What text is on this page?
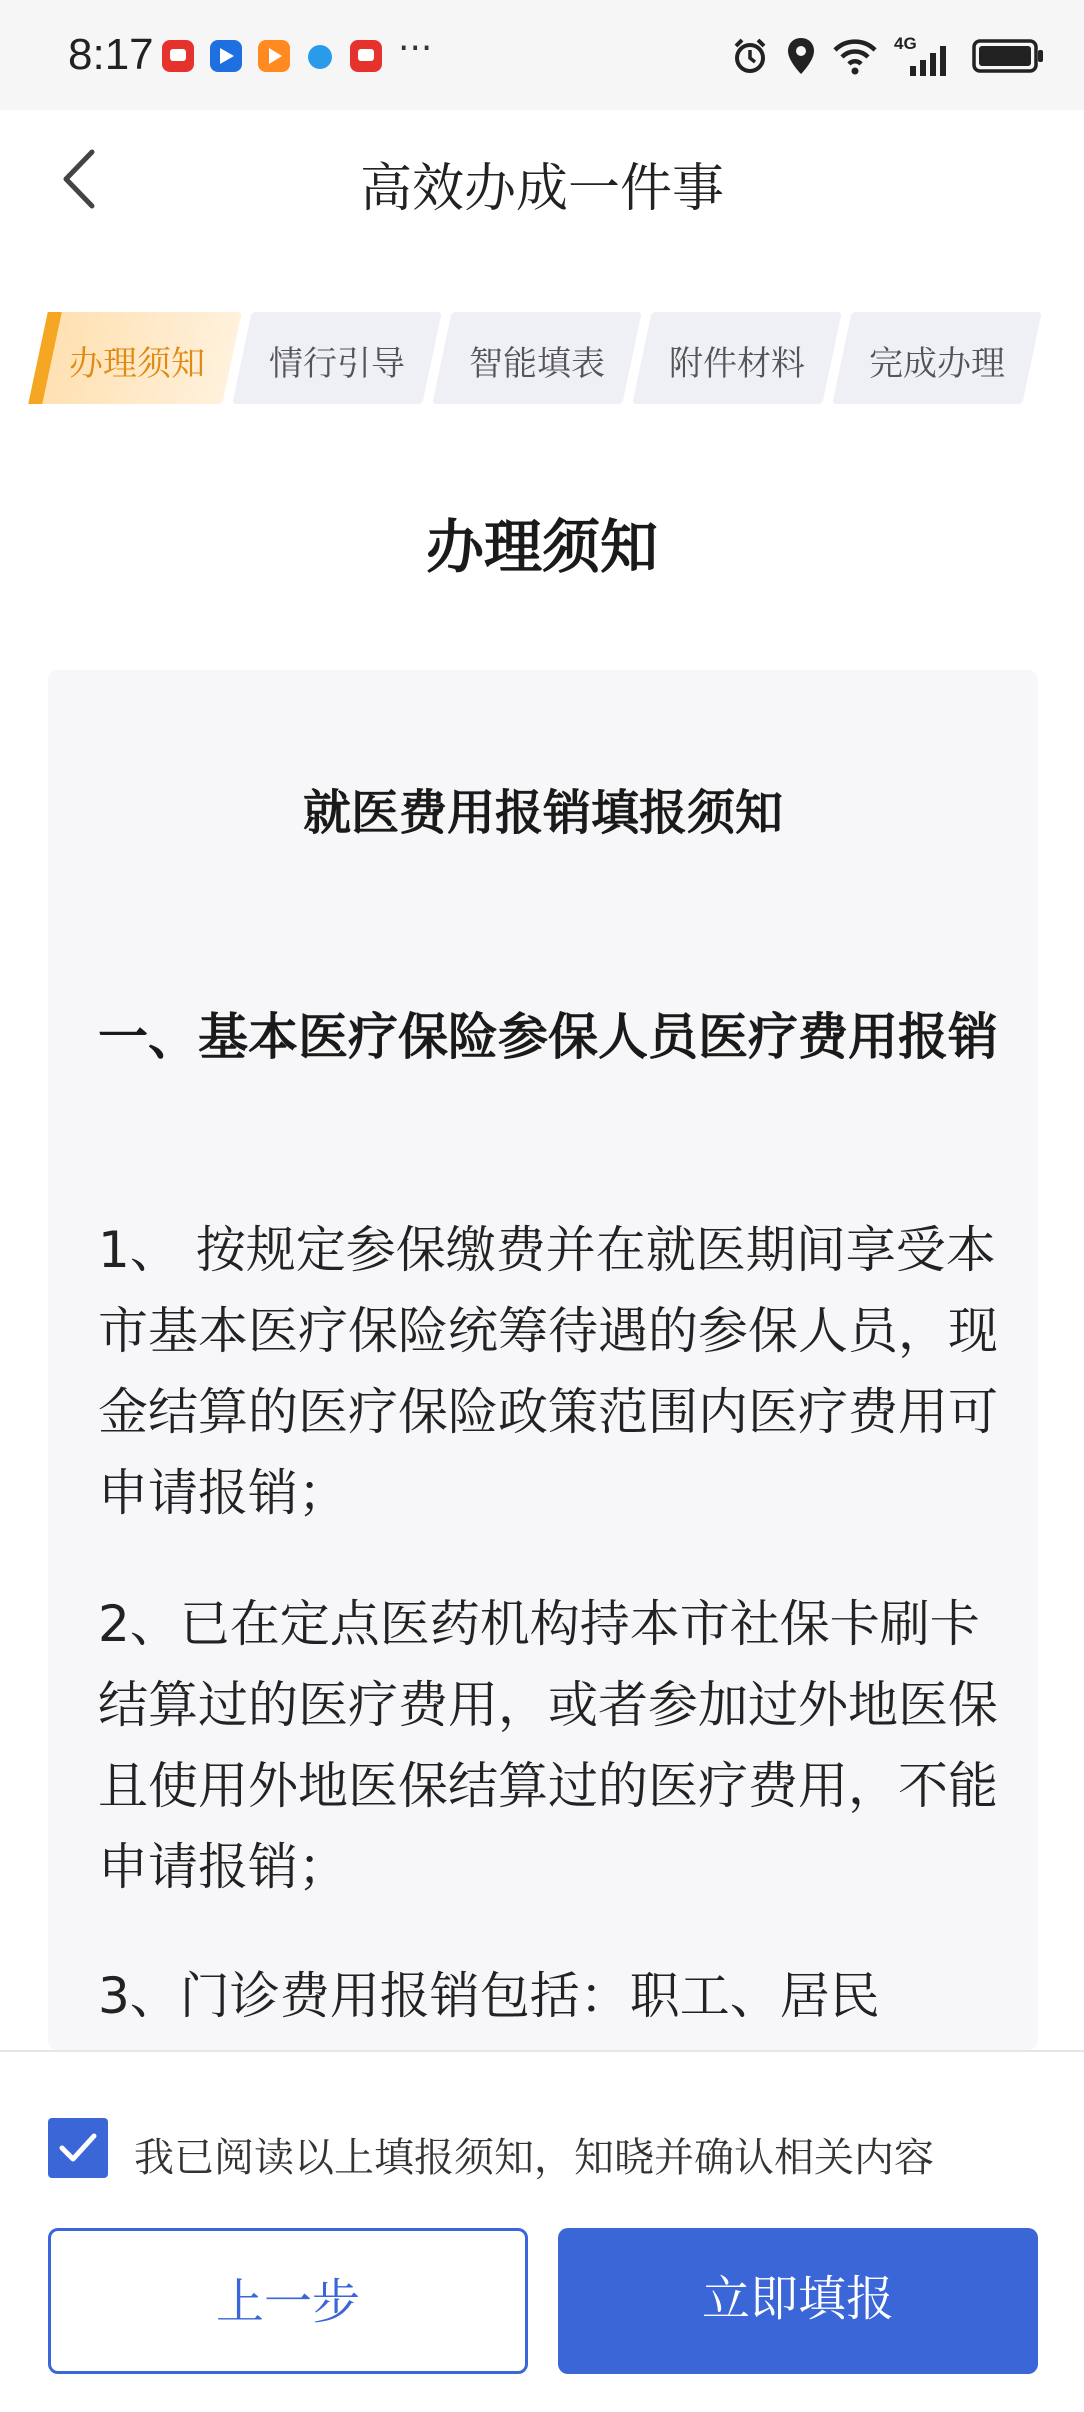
8:17	···	4G
高效办成一件事
办理须知	情行引导	智能填表	附件材料	完成办理
办理须知
就医费用报销填报须知
一、基本医疗保险参保人员医疗费用报销

1、 按规定参保缴费并在就医期间享受本市基本医疗保险统筹待遇的参保人员，现金结算的医疗保险政策范围内医疗费用可申请报销；

2、已在定点医药机构持本市社保卡刷卡结算过的医疗费用，或者参加过外地医保且使用外地医保结算过的医疗费用，不能申请报销；

3、门诊费用报销包括：职工、居民

我已阅读以上填报须知，知晓并确认相关内容
上一步	立即填报
